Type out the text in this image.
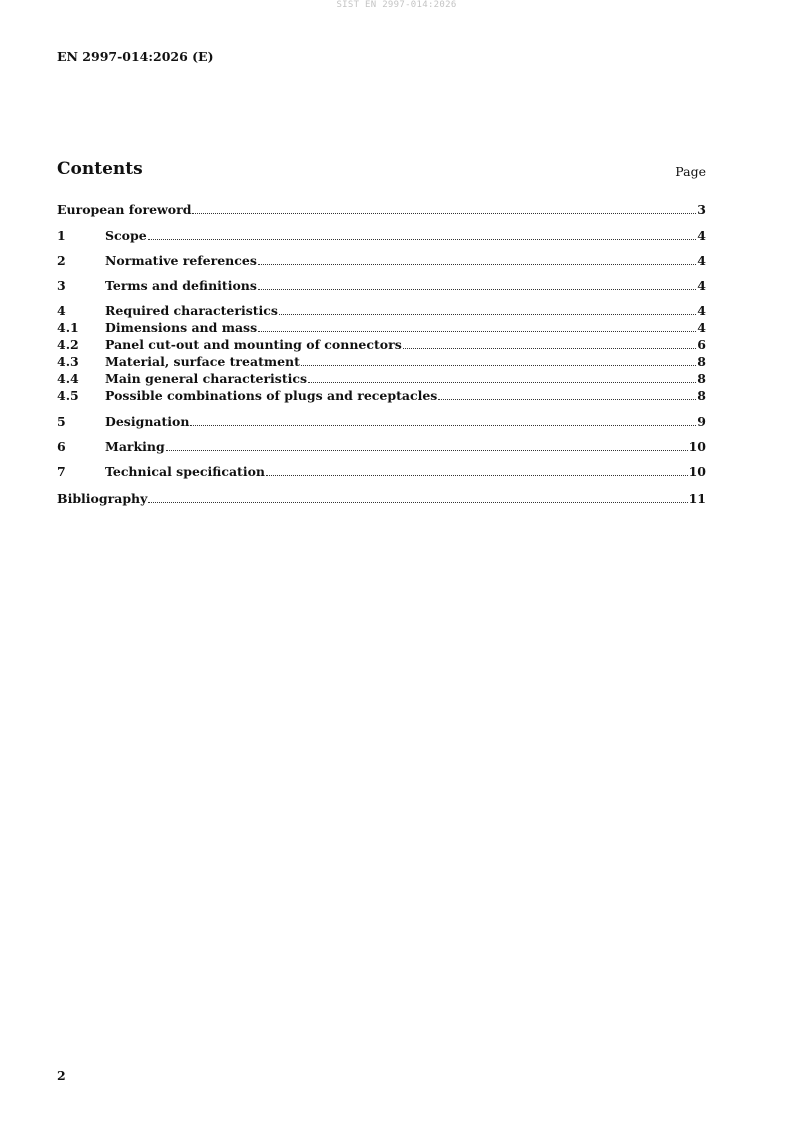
SIST EN 2997-014:2026
EN 2997-014:2026 (E)
Contents	Page
European foreword	3
1	Scope	4
2	Normative references	4
3	Terms and definitions	4
4	Required characteristics	4
4.1	Dimensions and mass	4
4.2	Panel cut-out and mounting of connectors	6
4.3	Material, surface treatment	8
4.4	Main general characteristics	8
4.5	Possible combinations of plugs and receptacles	8
5	Designation	9
6	Marking	10
7	Technical specification	10
Bibliography	11
2
